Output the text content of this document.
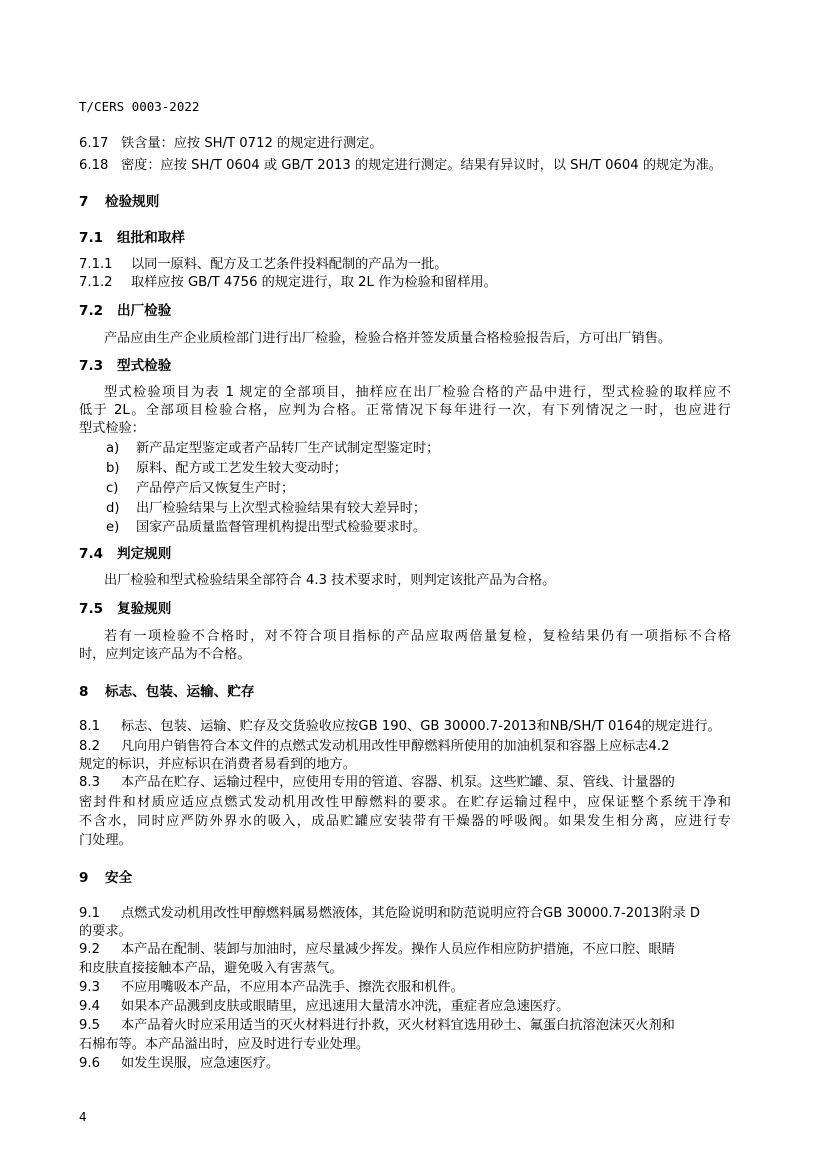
T/CERS 0003-2022
6.17 铁含量：应按 SH/T 0712 的规定进行测定。
6.18 密度：应按 SH/T 0604 或 GB/T 2013 的规定进行测定。结果有异议时，以 SH/T 0604 的规定为准。
7 检验规则
7.1 组批和取样
7.1.1 以同一原料、配方及工艺条件投料配制的产品为一批。
7.1.2 取样应按 GB/T 4756 的规定进行，取 2L 作为检验和留样用。
7.2 出厂检验
产品应由生产企业质检部门进行出厂检验，检验合格并签发质量合格检验报告后，方可出厂销售。
7.3 型式检验
型式检验项目为表 1 规定的全部项目，抽样应在出厂检验合格的产品中进行，型式检验的取样应不
低于 2L。全部项目检验合格，应判为合格。正常情况下每年进行一次，有下列情况之一时，也应进行
型式检验：
a) 新产品定型鉴定或者产品转厂生产试制定型鉴定时；
b) 原料、配方或工艺发生较大变动时；
c) 产品停产后又恢复生产时；
d) 出厂检验结果与上次型式检验结果有较大差异时；
e) 国家产品质量监督管理机构提出型式检验要求时。
7.4 判定规则
出厂检验和型式检验结果全部符合 4.3 技术要求时，则判定该批产品为合格。
7.5 复验规则
若有一项检验不合格时，对不符合项目指标的产品应取两倍量复检，复检结果仍有一项指标不合格
时，应判定该产品为不合格。
8 标志、包装、运输、贮存
8.1 标志、包装、运输、贮存及交货验收应按GB 190、GB 30000.7-2013和NB/SH/T 0164的规定进行。
8.2 凡向用户销售符合本文件的点燃式发动机用改性甲醇燃料所使用的加油机泵和容器上应标志4.2
规定的标识，并应标识在消费者易看到的地方。
8.3 本产品在贮存、运输过程中，应使用专用的管道、容器、机泵。这些贮罐、泵、管线、计量器的
密封件和材质应适应点燃式发动机用改性甲醇燃料的要求。在贮存运输过程中，应保证整个系统干净和
不含水，同时应严防外界水的吸入，成品贮罐应安装带有干燥器的呼吸阀。如果发生相分离，应进行专
门处理。
9 安全
9.1 点燃式发动机用改性甲醇燃料属易燃液体，其危险说明和防范说明应符合GB 30000.7-2013附录 D
的要求。
9.2 本产品在配制、装卸与加油时，应尽量减少挥发。操作人员应作相应防护措施，不应口腔、眼睛
和皮肤直接接触本产品，避免吸入有害蒸气。
9.3 不应用嘴吸本产品，不应用本产品洗手、擦洗衣服和机件。
9.4 如果本产品溅到皮肤或眼睛里，应迅速用大量清水冲洗，重症者应急速医疗。
9.5 本产品着火时应采用适当的灭火材料进行扑救，灭火材料宜选用砂土、氟蛋白抗溶泡沫灭火剂和
石棉布等。本产品溢出时，应及时进行专业处理。
9.6 如发生误服，应急速医疗。
4
